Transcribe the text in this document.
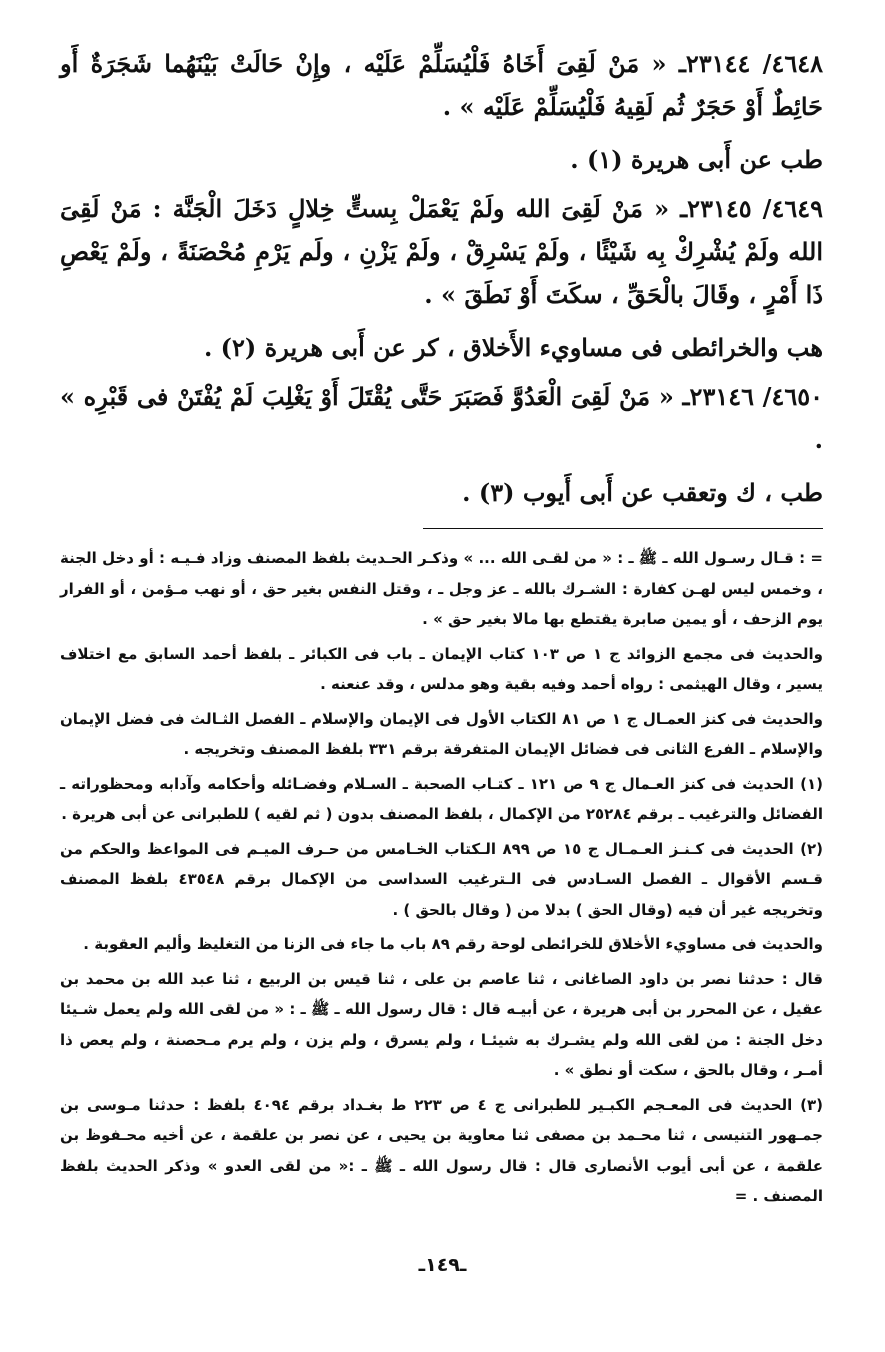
٤٦٤٨/ ٢٣١٤٤ـ « مَنْ لَقِىَ أَخَاهُ فَلْيُسَلِّمْ عَلَيْه ، وإِنْ حَالَتْ بَيْنَهُما شَجَرَةٌ أَو حَائِطٌ أَوْ حَجَرٌ ثُم لَقِيهُ فَلْيُسَلِّمْ عَلَيْه » .

طب عن أَبى هريرة (١) .

٤٦٤٩/ ٢٣١٤٥ـ « مَنْ لَقِىَ الله ولَمْ يَعْمَلْ بِستٍّ خِلالٍ دَخَلَ الْجَنَّة : مَنْ لَقِىَ الله ولَمْ يُشْرِكْ بِه شَيْئًا ، ولَمْ يَسْرِقْ ، ولَمْ يَزْنِ ، ولَم يَرْمِ مُحْصَنَةً ، ولَمْ يَعْصِ ذَا أَمْرٍ ، وقَالَ بالْحَقِّ ، سكَتَ أَوْ نَطَقَ » .

هب والخرائطى فى مساويء الأَخلاق ، كر عن أَبى هريرة (٢) .

٤٦٥٠/ ٢٣١٤٦ـ « مَنْ لَقِىَ الْعَدُوَّ فَصَبَرَ حَتَّى يُقْتَلَ أَوْ يَغْلِبَ لَمْ يُفْتَنْ فى قَبْرِه » .

طب ، ك وتعقب عن أَبى أَيوب (٣) .

= : قـال رسـول الله ـ ﷺ ـ : « من لقـى الله ... » وذكـر الحـديث بلفظ المصنف وزاد فـيـه : أو دخل الجنة ، وخمس ليس لهـن كفارة : الشـرك بالله ـ عز وجل ـ ، وقتل النفس بغير حق ، أو نهب مـؤمن ، أو الفرار يوم الزحف ، أو يمين صابرة يقتطع بها مالا بغير حق » .

والحديث فى مجمع الزوائد ج ١ ص ١٠٣ كتاب الإيمان ـ باب فى الكبائر ـ بلفظ أحمد السابق مع اختلاف يسير ، وقال الهيثمى : رواه أحمد وفيه بقية وهو مدلس ، وقد عنعنه .

والحديث فى كنز العمـال ج ١ ص ٨١ الكتاب الأول فى الإيمان والإسلام ـ الفصل الثـالث فى فضل الإيمان والإسلام ـ الفرع الثانى فى فضائل الإيمان المتفرقة برقم ٣٣١ بلفظ المصنف وتخريجه .

(١) الحديث فى كنز العـمال ج ٩ ص ١٢١ ـ كتـاب الصحبة ـ السـلام وفضـائله وأحكامه وآدابه ومحظوراته ـ الفضائل والترغيب ـ برقم ٢٥٢٨٤ من الإكمال ، بلفظ المصنف بدون ( ثم لقيه ) للطبرانى عن أبى هريرة .

(٢) الحديث فى كـنـز العـمـال ج ١٥ ص ٨٩٩ الـكتاب الخـامس من حـرف الميـم فى المواعظ والحكم من قـسم الأقوال ـ الفصل السـادس فى الـترغيب السداسى من الإكمال برقم ٤٣٥٤٨ بلفظ المصنف وتخريجه غير أن فيه (وقال الحق ) بدلا من ( وقال بالحق ) .

والحديث فى مساويء الأخلاق للخرائطى لوحة رقم ٨٩ باب ما جاء فى الزنا من التغليظ وأليم العقوبة .

قال : حدثنا نصر بن داود الصاغانى ، ثنا عاصم بن على ، ثنا قيس بن الربيع ، ثنا عبد الله بن محمد بن عقيل ، عن المحرر بن أبى هريرة ، عن أبيـه قال : قال رسول الله ـ ﷺ ـ : « من لقى الله ولم يعمل شـيئا دخل الجنة : من لقى الله ولم يشـرك به شيئـا ، ولم يسرق ، ولم يزن ، ولم يرم مـحصنة ، ولم يعص ذا أمـر ، وقال بالحق ، سكت أو نطق » .

(٣) الحديث فى المعـجم الكبـير للطبرانى ج ٤ ص ٢٢٣ ط بغـداد برقم ٤٠٩٤ بلفظ : حدثنا مـوسى بن جمـهور التنيسى ، ثنا محـمد بن مصفى ثنا معاوية بن يحيى ، عن نصر بن علقمة ، عن أخيه محـفوظ بن علقمة ، عن أبى أيوب الأنصارى قال : قال رسول الله ـ ﷺ ـ :« من لقى العدو » وذكر الحديث بلفظ المصنف . =

ـ١٤٩ـ
